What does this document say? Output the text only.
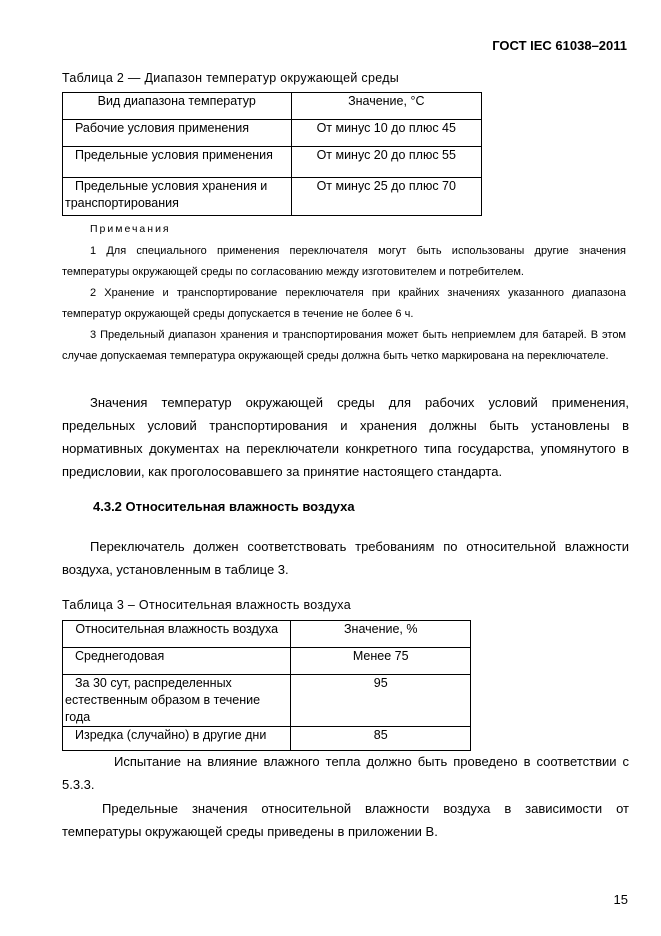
ГОСТ IEC 61038–2011
Таблица 2 — Диапазон температур окружающей среды
Вид диапазона температур	Значение, °С
Рабочие условия применения	От минус 10 до плюс 45
Предельные условия применения	От минус 20 до плюс 55
Предельные условия хранения и транспортирования	От минус 25 до плюс 70
Примечания

1 Для специального применения переключателя могут быть использованы другие значения температуры окружающей среды по согласованию между изготовителем и потребителем.

2 Хранение и транспортирование переключателя при крайних значениях указанного диапазона температур окружающей среды допускается в течение не более 6 ч.

3 Предельный диапазон хранения и транспортирования может быть неприемлем для батарей. В этом случае допускаемая температура окружающей среды должна быть четко маркирована на переключателе.

Значения температур окружающей среды для рабочих условий применения, предельных условий транспортирования и хранения должны быть установлены в нормативных документах на переключатели конкретного типа государства, упомянутого в предисловии, как проголосовавшего за принятие настоящего стандарта.

4.3.2 Относительная влажность воздуха

Переключатель должен соответствовать требованиям по относительной влажности воздуха, установленным в таблице 3.

Таблица 3 – Относительная влажность воздуха
Относительная влажность воздуха	Значение, %
Среднегодовая	Менее 75
За 30 сут, распределенных естественным образом в течение года	95
Изредка (случайно) в другие дни	85

Испытание на влияние влажного тепла должно быть проведено в соответствии с 5.3.3.

Предельные значения относительной влажности воздуха в зависимости от температуры окружающей среды приведены в приложении В.

15
